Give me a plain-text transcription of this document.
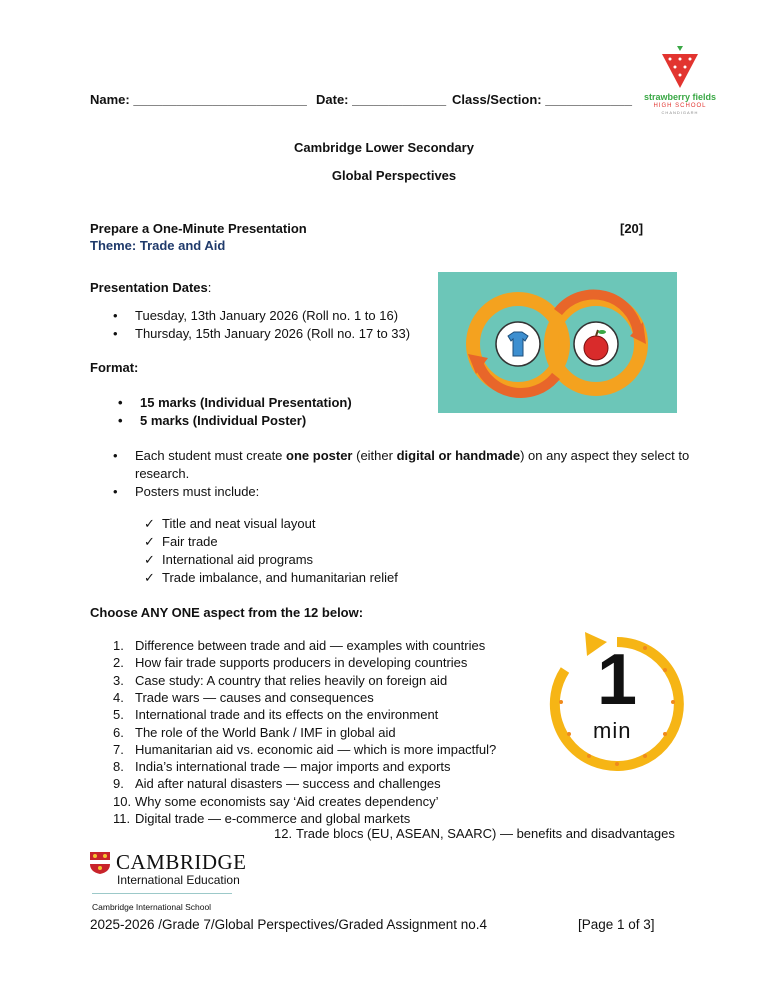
Name: ________________________ Date: _____________ Class/Section: ____________	strawberry fields
HIGH SCHOOL
CHANDIGARH
Cambridge Lower Secondary
Global Perspectives
Prepare a One-Minute Presentation	[20]
Theme: Trade and Aid
Presentation Dates:
• Tuesday, 13th January 2026 (Roll no. 1 to 16)
• Thursday, 15th January 2026 (Roll no. 17 to 33)
Format:
• 15 marks (Individual Presentation)
• 5 marks (Individual Poster)
• Each student must create one poster (either digital or handmade) on any aspect they select to
research.
• Posters must include:
✓ Title and neat visual layout
✓ Fair trade
✓ International aid programs
✓ Trade imbalance, and humanitarian relief
Choose ANY ONE aspect from the 12 below:
1. Difference between trade and aid — examples with countries
2. How fair trade supports producers in developing countries
3. Case study: A country that relies heavily on foreign aid
4. Trade wars — causes and consequences
5. International trade and its effects on the environment
6. The role of the World Bank / IMF in global aid
7. Humanitarian aid vs. economic aid — which is more impactful?
8. India’s international trade — major imports and exports
9. Aid after natural disasters — success and challenges
10. Why some economists say ‘Aid creates dependency’
11. Digital trade — e-commerce and global markets
12. Trade blocs (EU, ASEAN, SAARC) — benefits and disadvantages
1
min
CAMBRIDGE
International Education
Cambridge International School
2025-2026 /Grade 7/Global Perspectives/Graded Assignment no.4	[Page 1 of 3]
